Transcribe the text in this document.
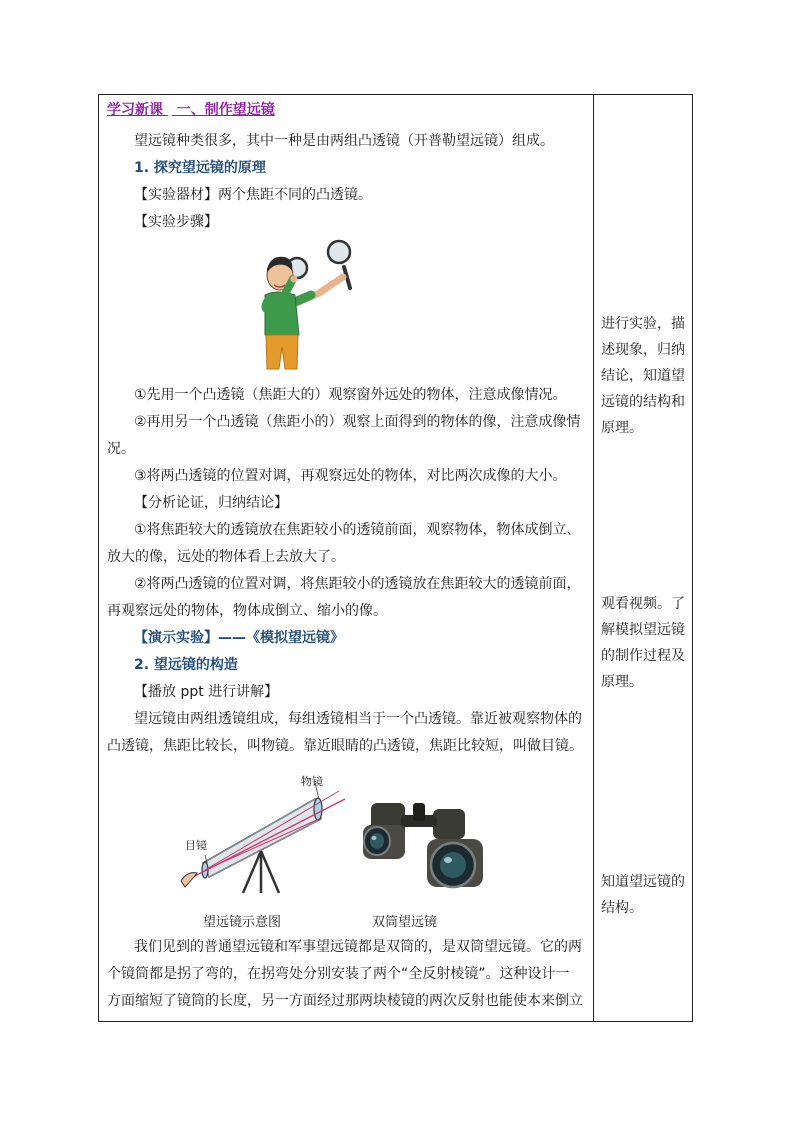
学习新课 一、制作望远镜
望远镜种类很多，其中一种是由两组凸透镜（开普勒望远镜）组成。
1. 探究望远镜的原理
【实验器材】两个焦距不同的凸透镜。
【实验步骤】
①先用一个凸透镜（焦距大的）观察窗外远处的物体，注意成像情况。
②再用另一个凸透镜（焦距小的）观察上面得到的物体的像，注意成像情
况。
③将两凸透镜的位置对调，再观察远处的物体，对比两次成像的大小。
【分析论证，归纳结论】
①将焦距较大的透镜放在焦距较小的透镜前面，观察物体，物体成倒立、
放大的像，远处的物体看上去放大了。
②将两凸透镜的位置对调，将焦距较小的透镜放在焦距较大的透镜前面，
再观察远处的物体，物体成倒立、缩小的像。
【演示实验】——《模拟望远镜》
2. 望远镜的构造
【播放 ppt 进行讲解】
望远镜由两组透镜组成，每组透镜相当于一个凸透镜。靠近被观察物体的
凸透镜，焦距比较长，叫物镜。靠近眼睛的凸透镜，焦距比较短，叫做目镜。
物镜
目镜
望远镜示意图	双筒望远镜
我们见到的普通望远镜和军事望远镜都是双筒的，是双筒望远镜。它的两
个镜筒都是拐了弯的，在拐弯处分别安装了两个“全反射棱镜”。这种设计一
方面缩短了镜筒的长度，另一方面经过那两块棱镜的两次反射也能使本来倒立
进行实验，描
述现象，归纳
结论，知道望
远镜的结构和
原理。
观看视频。了
解模拟望远镜
的制作过程及
原理。
知道望远镜的
结构。
